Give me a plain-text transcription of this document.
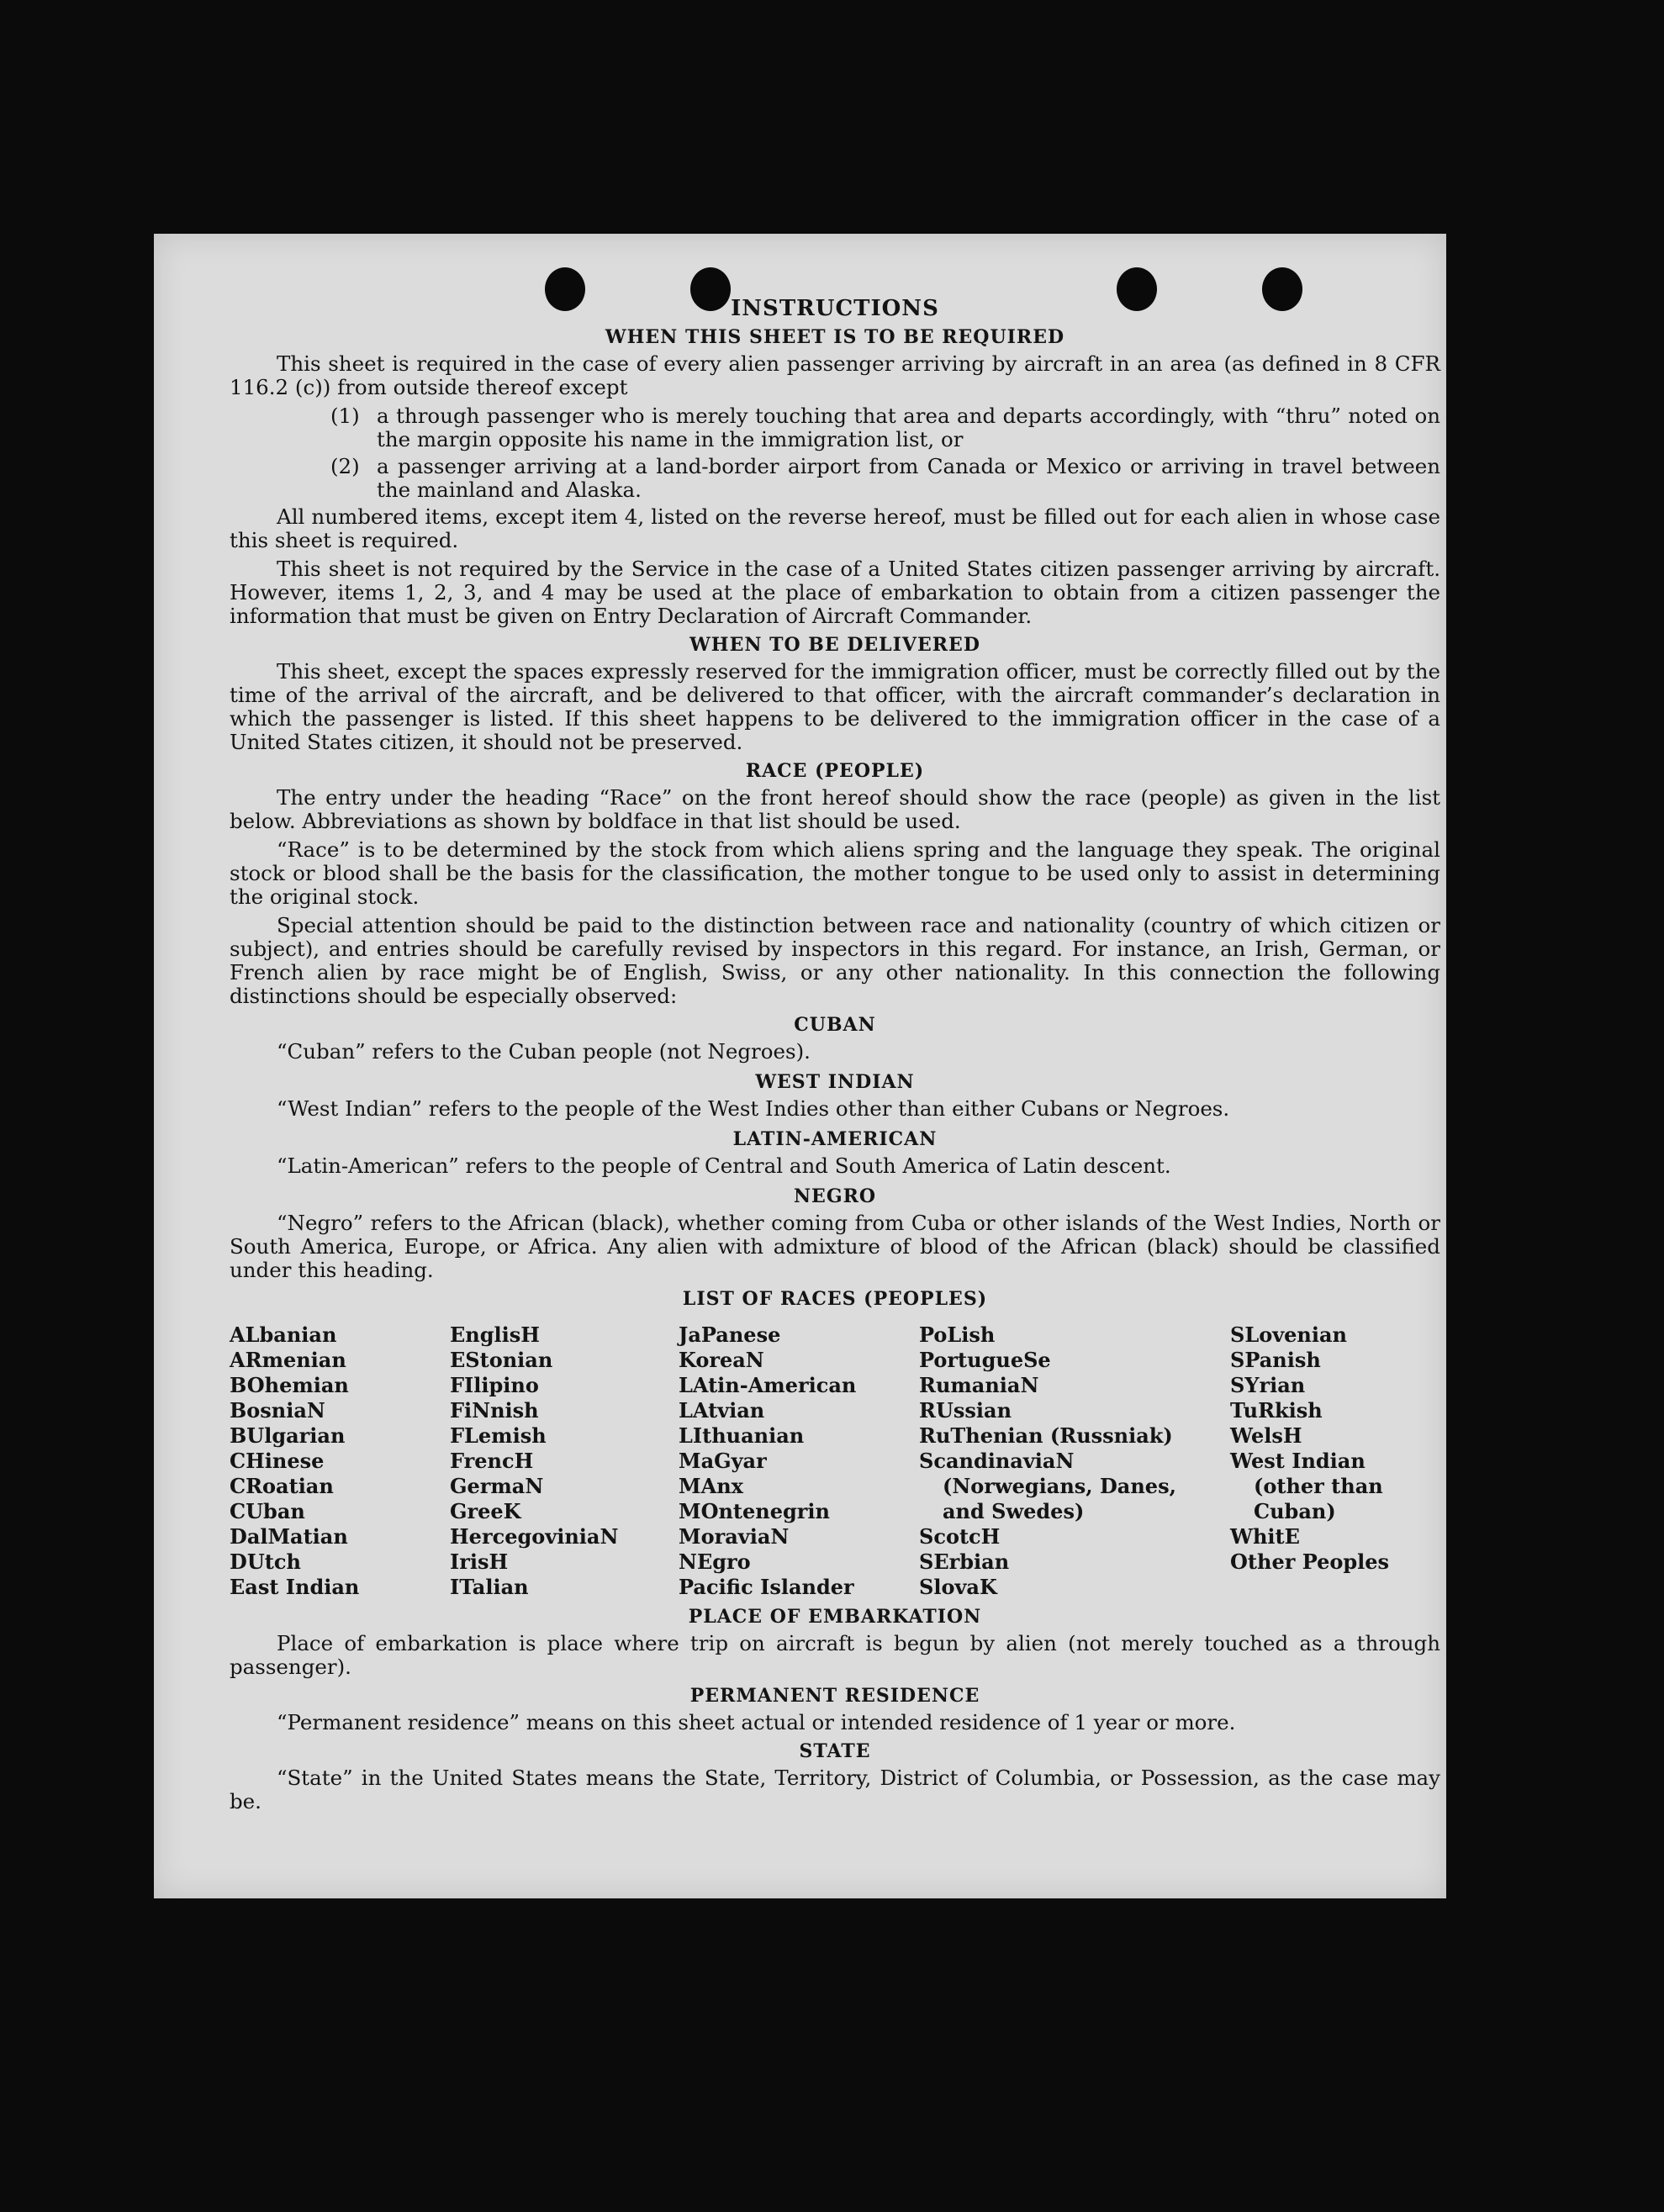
INSTRUCTIONS
WHEN THIS SHEET IS TO BE REQUIRED

This sheet is required in the case of every alien passenger arriving by aircraft in an area (as defined in 8 CFR 116.2 (c)) from outside thereof except

(1) a through passenger who is merely touching that area and departs accordingly, with “thru” noted on the margin opposite his name in the immigration list, or
(2) a passenger arriving at a land-border airport from Canada or Mexico or arriving in travel between the mainland and Alaska.

All numbered items, except item 4, listed on the reverse hereof, must be filled out for each alien in whose case this sheet is required.

This sheet is not required by the Service in the case of a United States citizen passenger arriving by aircraft. However, items 1, 2, 3, and 4 may be used at the place of embarkation to obtain from a citizen passenger the information that must be given on Entry Declaration of Aircraft Commander.

WHEN TO BE DELIVERED

This sheet, except the spaces expressly reserved for the immigration officer, must be correctly filled out by the time of the arrival of the aircraft, and be delivered to that officer, with the aircraft commander’s declaration in which the passenger is listed. If this sheet happens to be delivered to the immigration officer in the case of a United States citizen, it should not be preserved.

RACE (PEOPLE)

The entry under the heading “Race” on the front hereof should show the race (people) as given in the list below. Abbreviations as shown by boldface in that list should be used.

“Race” is to be determined by the stock from which aliens spring and the language they speak. The original stock or blood shall be the basis for the classification, the mother tongue to be used only to assist in determining the original stock.

Special attention should be paid to the distinction between race and nationality (country of which citizen or subject), and entries should be carefully revised by inspectors in this regard. For instance, an Irish, German, or French alien by race might be of English, Swiss, or any other nationality. In this connection the following distinctions should be especially observed:

CUBAN
“Cuban” refers to the Cuban people (not Negroes).
WEST INDIAN
“West Indian” refers to the people of the West Indies other than either Cubans or Negroes.
LATIN-AMERICAN
“Latin-American” refers to the people of Central and South America of Latin descent.
NEGRO

“Negro” refers to the African (black), whether coming from Cuba or other islands of the West Indies, North or South America, Europe, or Africa. Any alien with admixture of blood of the African (black) should be classified under this heading.

LIST OF RACES (PEOPLES)
ALbanian
ARmenian
BOhemian
BosniaN
BUlgarian
CHinese
CRoatian
CUban
DalMatian
DUtch
East Indian
EnglisH
EStonian
FIlipino
FiNnish
FLemish
FrencH
GermaN
GreeK
HercegoviniaN
IrisH
ITalian
JaPanese
KoreaN
LAtin-American
LAtvian
LIthuanian
MaGyar
MAnx
MOntenegrin
MoraviaN
NEgro
Pacific Islander
PoLish
PortugueSe
RumaniaN
RUssian
RuThenian (Russniak)
ScandinaviaN (Norwegians, Danes, and Swedes)
ScotcH
SErbian
SlovaK
SLovenian
SPanish
SYrian
TuRkish
WelsH
West Indian (other than Cuban)
WhitE
Other Peoples
PLACE OF EMBARKATION

Place of embarkation is place where trip on aircraft is begun by alien (not merely touched as a through passenger).

PERMANENT RESIDENCE

“Permanent residence” means on this sheet actual or intended residence of 1 year or more.

STATE

“State” in the United States means the State, Territory, District of Columbia, or Possession, as the case may be.
